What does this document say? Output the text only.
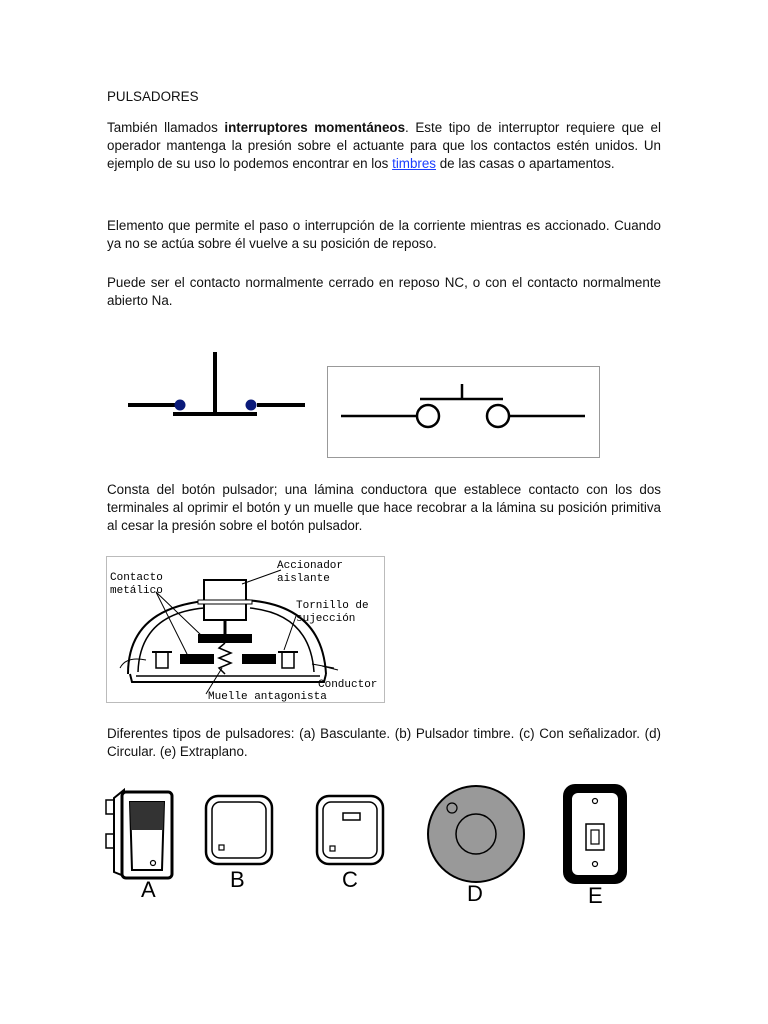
PULSADORES

También llamados interruptores momentáneos. Este tipo de interruptor requiere que el operador mantenga la presión sobre el actuante para que los contactos estén unidos. Un ejemplo de su uso lo podemos encontrar en los timbres de las casas o apartamentos.

Elemento que permite el paso o interrupción de la corriente mientras es accionado. Cuando ya no se actúa sobre él vuelve a su posición de reposo.

Puede ser el contacto normalmente cerrado en reposo NC, o con el contacto normalmente abierto Na.

Consta del botón pulsador; una lámina conductora que establece contacto con los dos terminales al oprimir el botón y un muelle que hace recobrar a la lámina su posición primitiva al cesar la presión sobre el botón pulsador.

Accionador
aislante
Contacto
metálico
Tornillo de
sujección
Conductor
Muelle antagonista

Diferentes tipos de pulsadores: (a) Basculante. (b) Pulsador timbre. (c) Con señalizador. (d) Circular. (e) Extraplano.

A	B	C
D	E
